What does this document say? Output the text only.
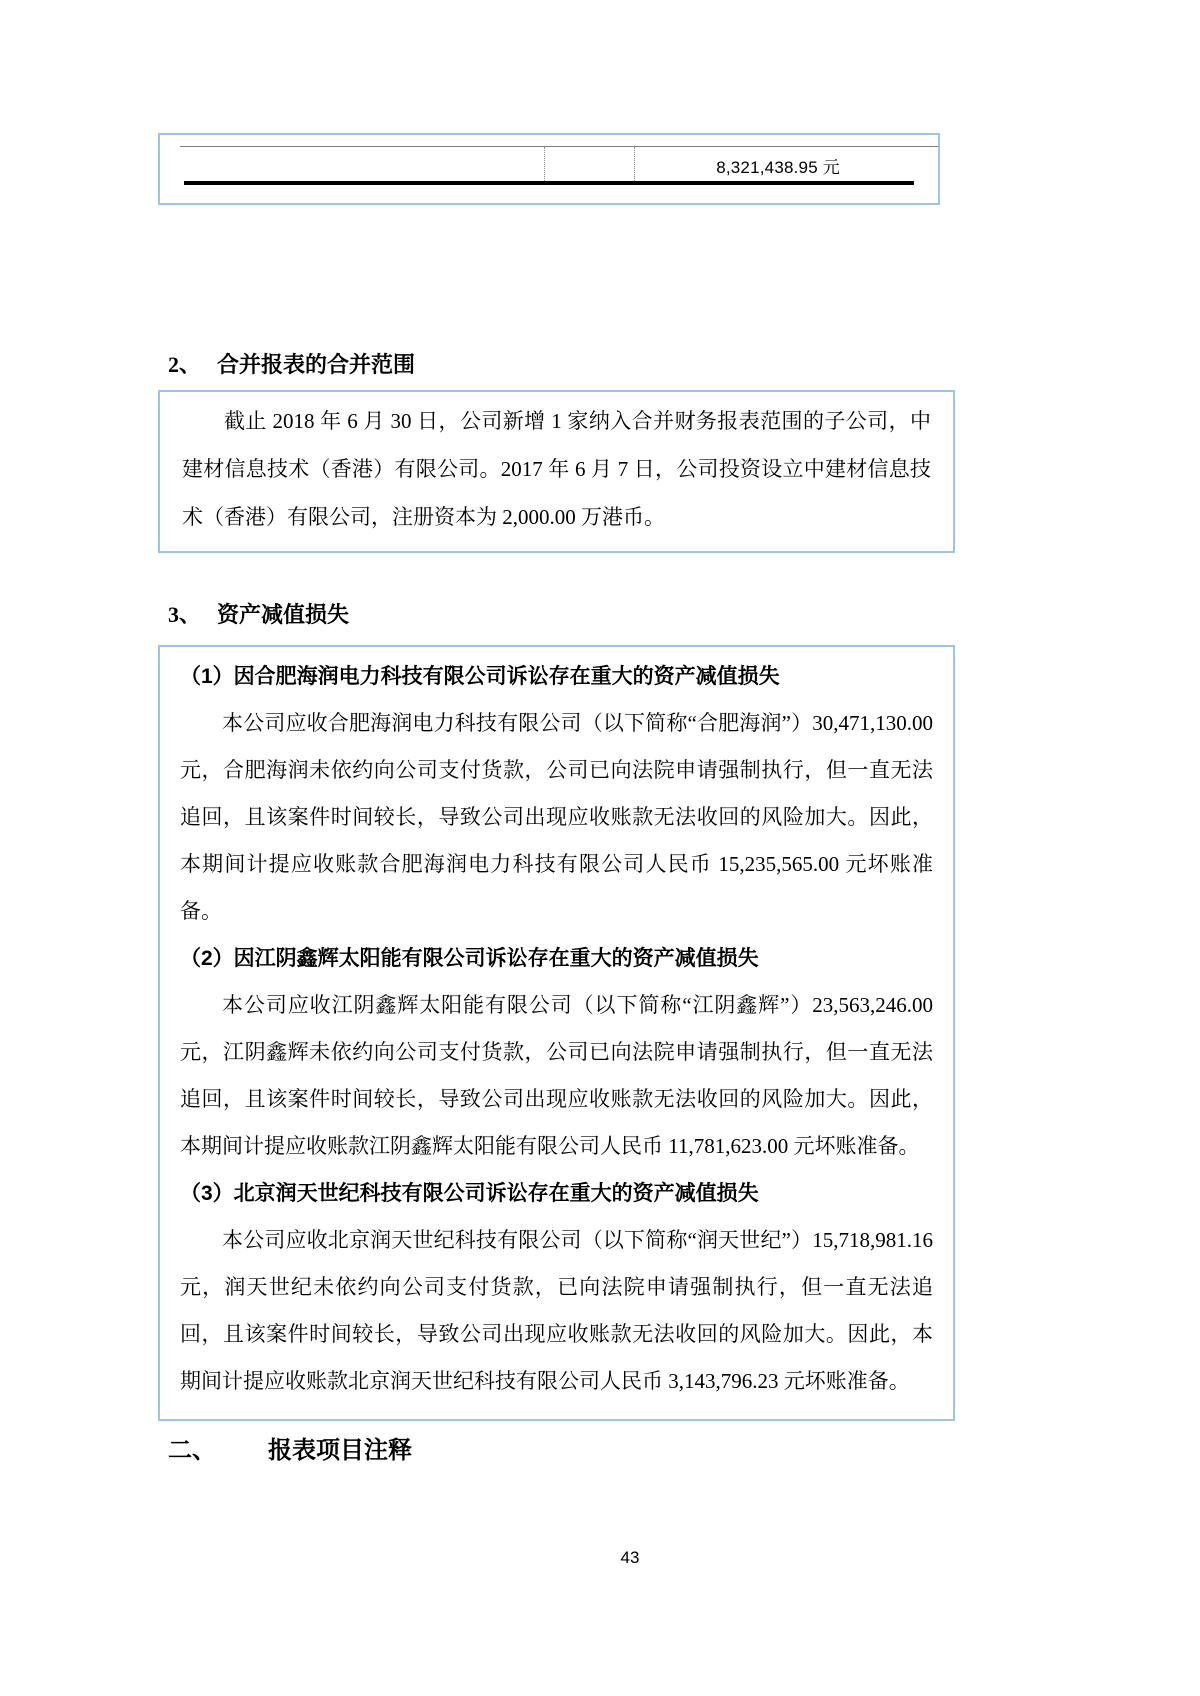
8,321,438.95 元
2、 合并报表的合并范围

截止 2018 年 6 月 30 日，公司新增 1 家纳入合并财务报表范围的子公司，中建材信息技术（香港）有限公司。2017 年 6 月 7 日，公司投资设立中建材信息技术（香港）有限公司，注册资本为 2,000.00 万港币。

3、 资产减值损失

（1）因合肥海润电力科技有限公司诉讼存在重大的资产减值损失

本公司应收合肥海润电力科技有限公司（以下简称“合肥海润”）30,471,130.00 元，合肥海润未依约向公司支付货款，公司已向法院申请强制执行，但一直无法追回，且该案件时间较长，导致公司出现应收账款无法收回的风险加大。因此，本期间计提应收账款合肥海润电力科技有限公司人民币 15,235,565.00 元坏账准备。

（2）因江阴鑫辉太阳能有限公司诉讼存在重大的资产减值损失

本公司应收江阴鑫辉太阳能有限公司（以下简称“江阴鑫辉”）23,563,246.00 元，江阴鑫辉未依约向公司支付货款，公司已向法院申请强制执行，但一直无法追回，且该案件时间较长，导致公司出现应收账款无法收回的风险加大。因此，本期间计提应收账款江阴鑫辉太阳能有限公司人民币 11,781,623.00 元坏账准备。

（3）北京润天世纪科技有限公司诉讼存在重大的资产减值损失

本公司应收北京润天世纪科技有限公司（以下简称“润天世纪”）15,718,981.16 元，润天世纪未依约向公司支付货款，已向法院申请强制执行，但一直无法追回，且该案件时间较长，导致公司出现应收账款无法收回的风险加大。因此，本期间计提应收账款北京润天世纪科技有限公司人民币 3,143,796.23 元坏账准备。

二、 报表项目注释
43
